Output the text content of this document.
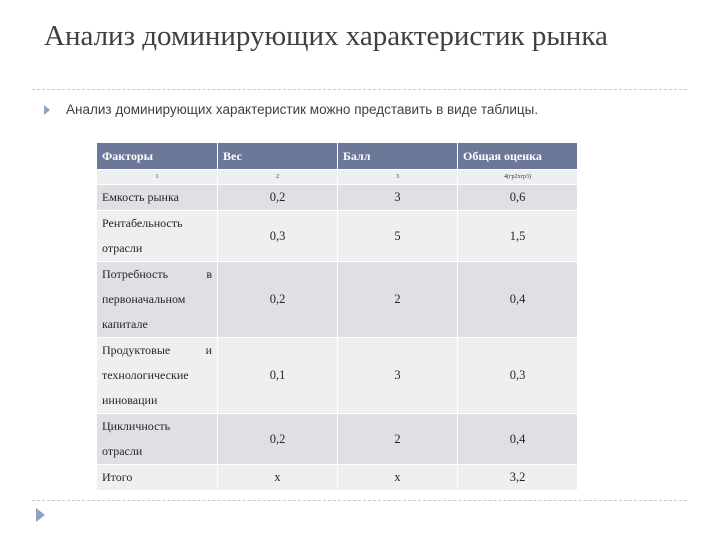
Анализ доминирующих характеристик рынка
Анализ доминирующих характеристик можно представить в виде таблицы.
Факторы	Вес	Балл	Общая оценка
1	2	3	4(гр2хгр3)

Емкость рынка	0,2	3	0,6

Рентабельность
отрасли	0,3	5	1,5

Потребность в
первоначальном
капитале	0,2	2	0,4

Продуктовые и
технологические
инновации	0,1	3	0,3

Цикличность
отрасли	0,2	2	0,4

Итого	х	х	3,2
